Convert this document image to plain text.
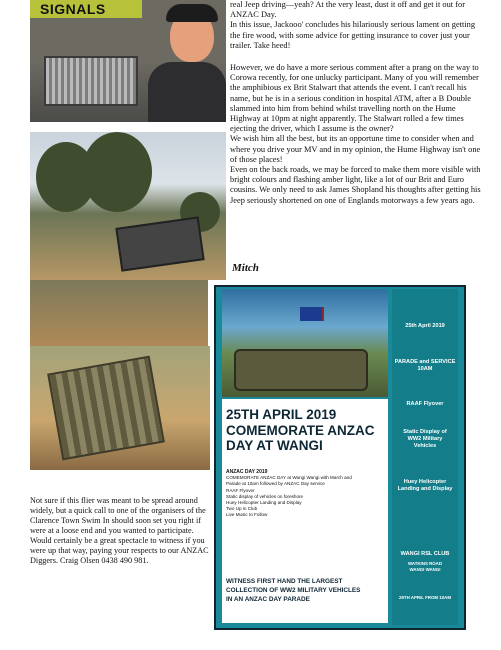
SIGNALS	real Jeep driving—yeah? At the very least, dust it off and get it out for ANZAC Day.

In this issue, Jackooo' concludes his hilariously serious lament on getting the fire wood, with some advice for getting insurance to cover just your trailer. Take heed!

However, we do have a more serious comment after a prang on the way to Corowa recently, for one unlucky participant. Many of you will remember the amphibious ex Brit Stalwart that attends the event. I can't recall his name, but he is in a serious condition in hospital ATM, after a B Double slammed into him from behind whilst travelling north on the Hume Highway at 10pm at night apparently. The Stalwart rolled a few times ejecting the driver, which I assume is the owner?

We wish him all the best, but its an opportune time to consider when and where you drive your MV and in my opinion, the Hume Highway isn't one of those places!

Even on the back roads, we may be forced to make them more visible with bright colours and flashing amber light, like a lot of our Brit and Euro cousins. We only need to ask James Shopland his thoughts after getting his Jeep seriously shortened on one of Englands motorways a few years ago.

Mitch
Not sure if this flier was meant to be spread around widely, but a quick call to one of the organisers of the Clarence Town Swim In should soon set you right if were at a loose end and you wanted to participate. Would certainly be a great spectacle to witness if you were up that way, paying your respects to our ANZAC Diggers. Craig Olsen 0438 490 981.
25th April 2019
PARADE and SERVICE
10AM
RAAF Flyover
Static Display of
WW2 Military
Vehicles
Huey Helicopter
Landing and Display
WANGI RSL CLUB
WATKINS ROAD
WANGI WANGI
25TH APRIL FROM 10AM
25TH APRIL 2019
COMEMORATE ANZAC
DAY AT WANGI
ANZAC DAY 2019
COMEMORATE ANZAC DAY at Wangi Wangi with March and
Parade at 10am followed by ANZAC Day service
RAAF Flyover
Static display of vehicles on foreshore
Huey Helicopter Landing and Display
Two Up in Club
Live Music to Follow
WITNESS FIRST HAND THE LARGEST
COLLECTION OF WW2 MILITARY VEHICLES
IN AN ANZAC DAY PARADE
